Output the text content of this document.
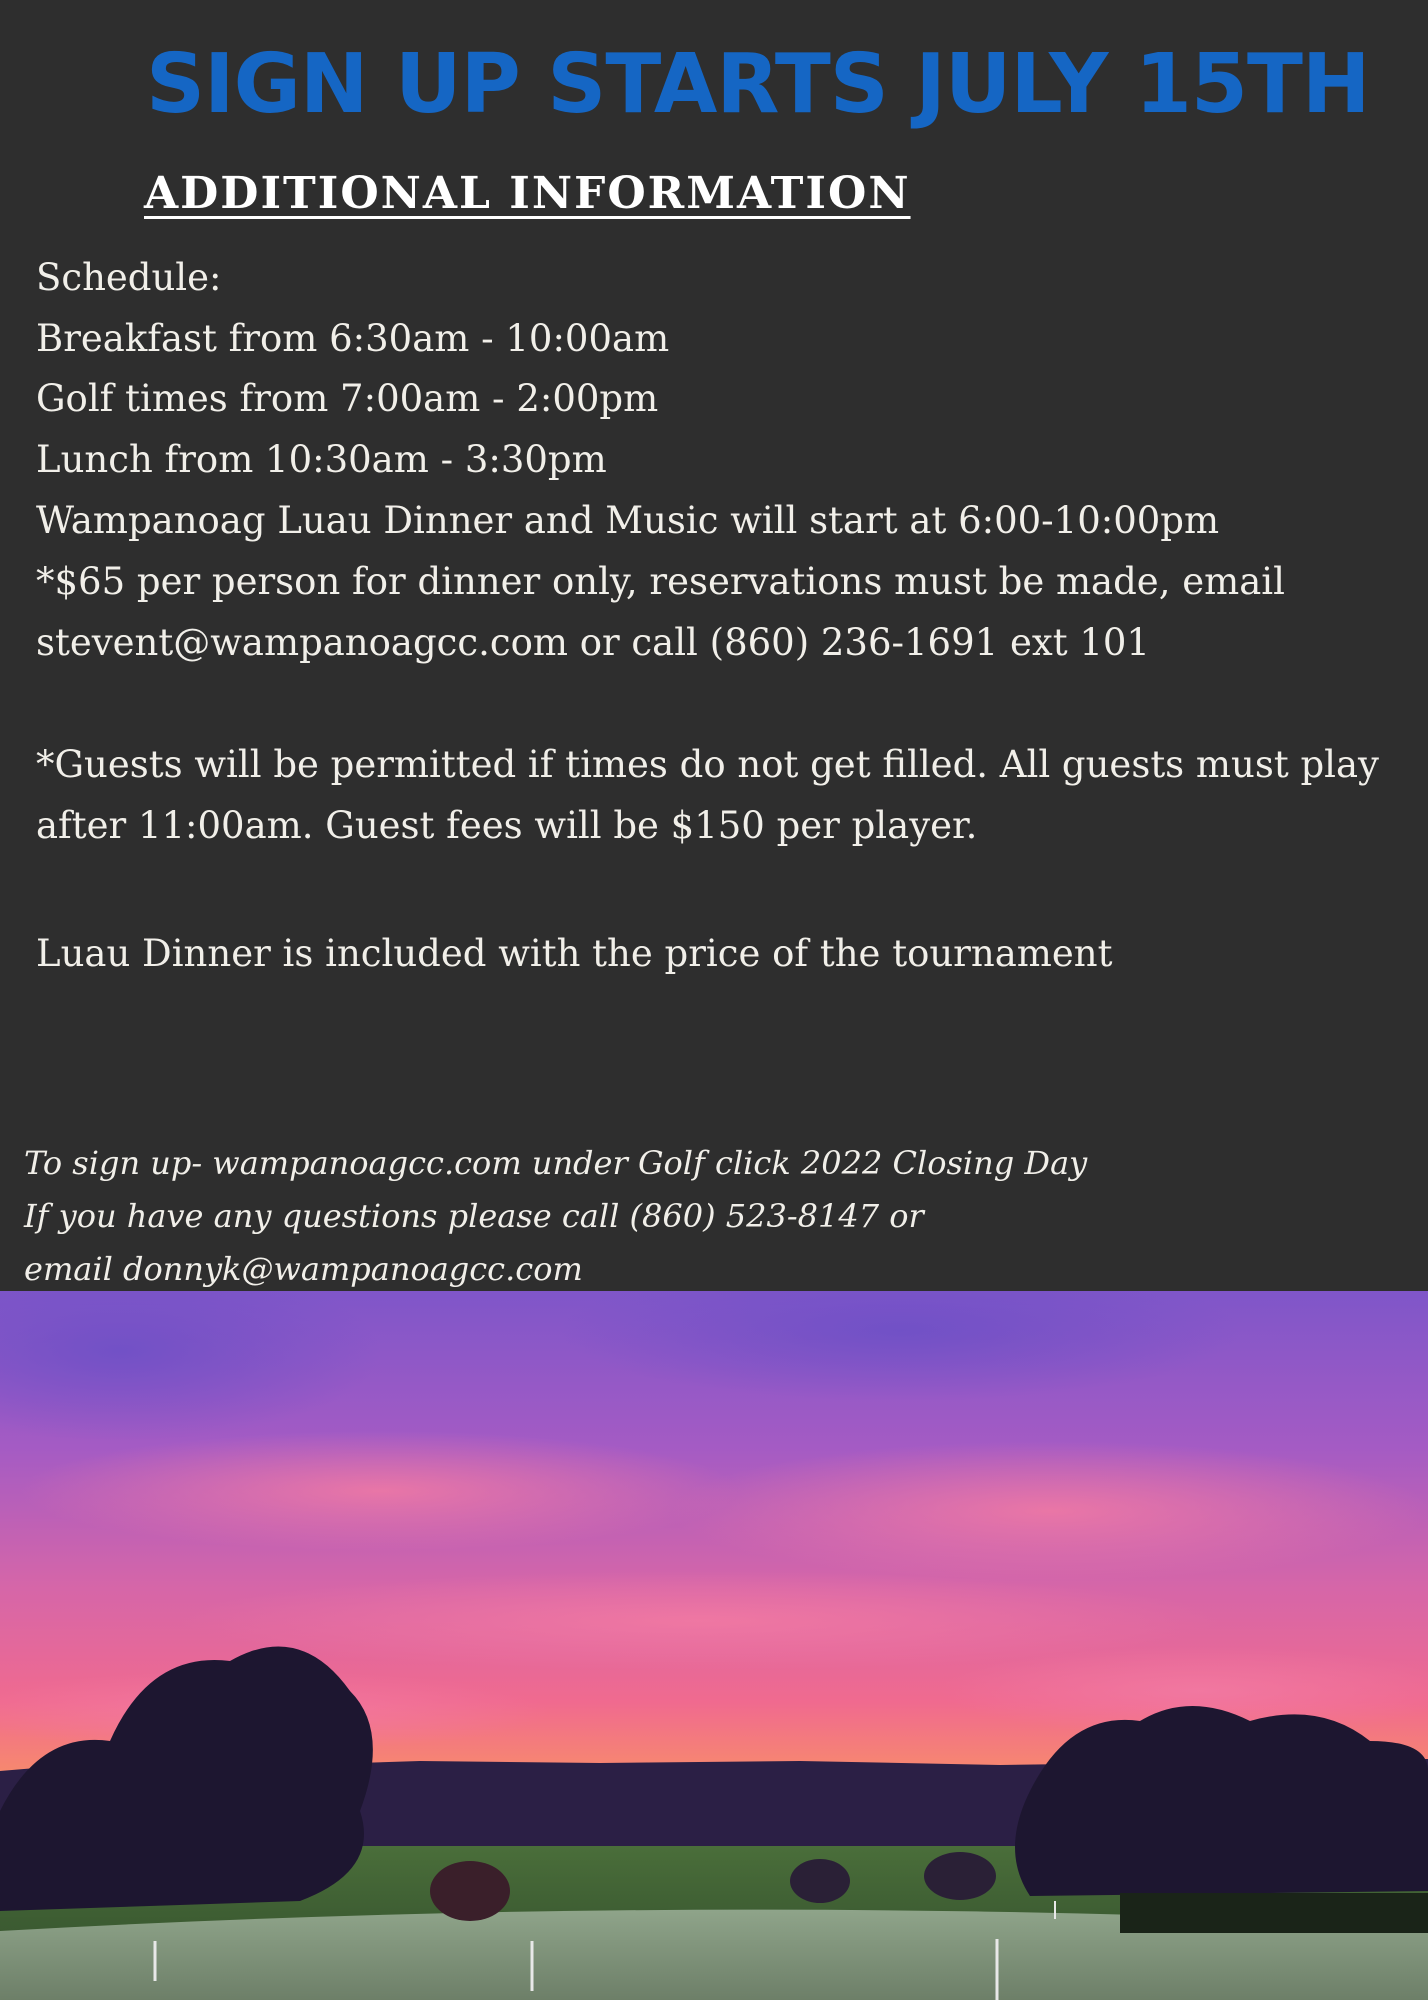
SIGN UP STARTS JULY 15TH
ADDITIONAL INFORMATION
Schedule:
Breakfast from 6:30am - 10:00am
Golf times from 7:00am - 2:00pm
Lunch from 10:30am - 3:30pm
Wampanoag Luau Dinner and Music will start at 6:00-10:00pm
*$65 per person for dinner only, reservations must be made, email
stevent@wampanoagcc.com or call (860) 236-1691 ext 101
*Guests will be permitted if times do not get filled. All guests must play
after 11:00am. Guest fees will be $150 per player.
Luau Dinner is included with the price of the tournament
To sign up- wampanoagcc.com under Golf click 2022 Closing Day
If you have any questions please call (860) 523-8147 or
email donnyk@wampanoagcc.com
